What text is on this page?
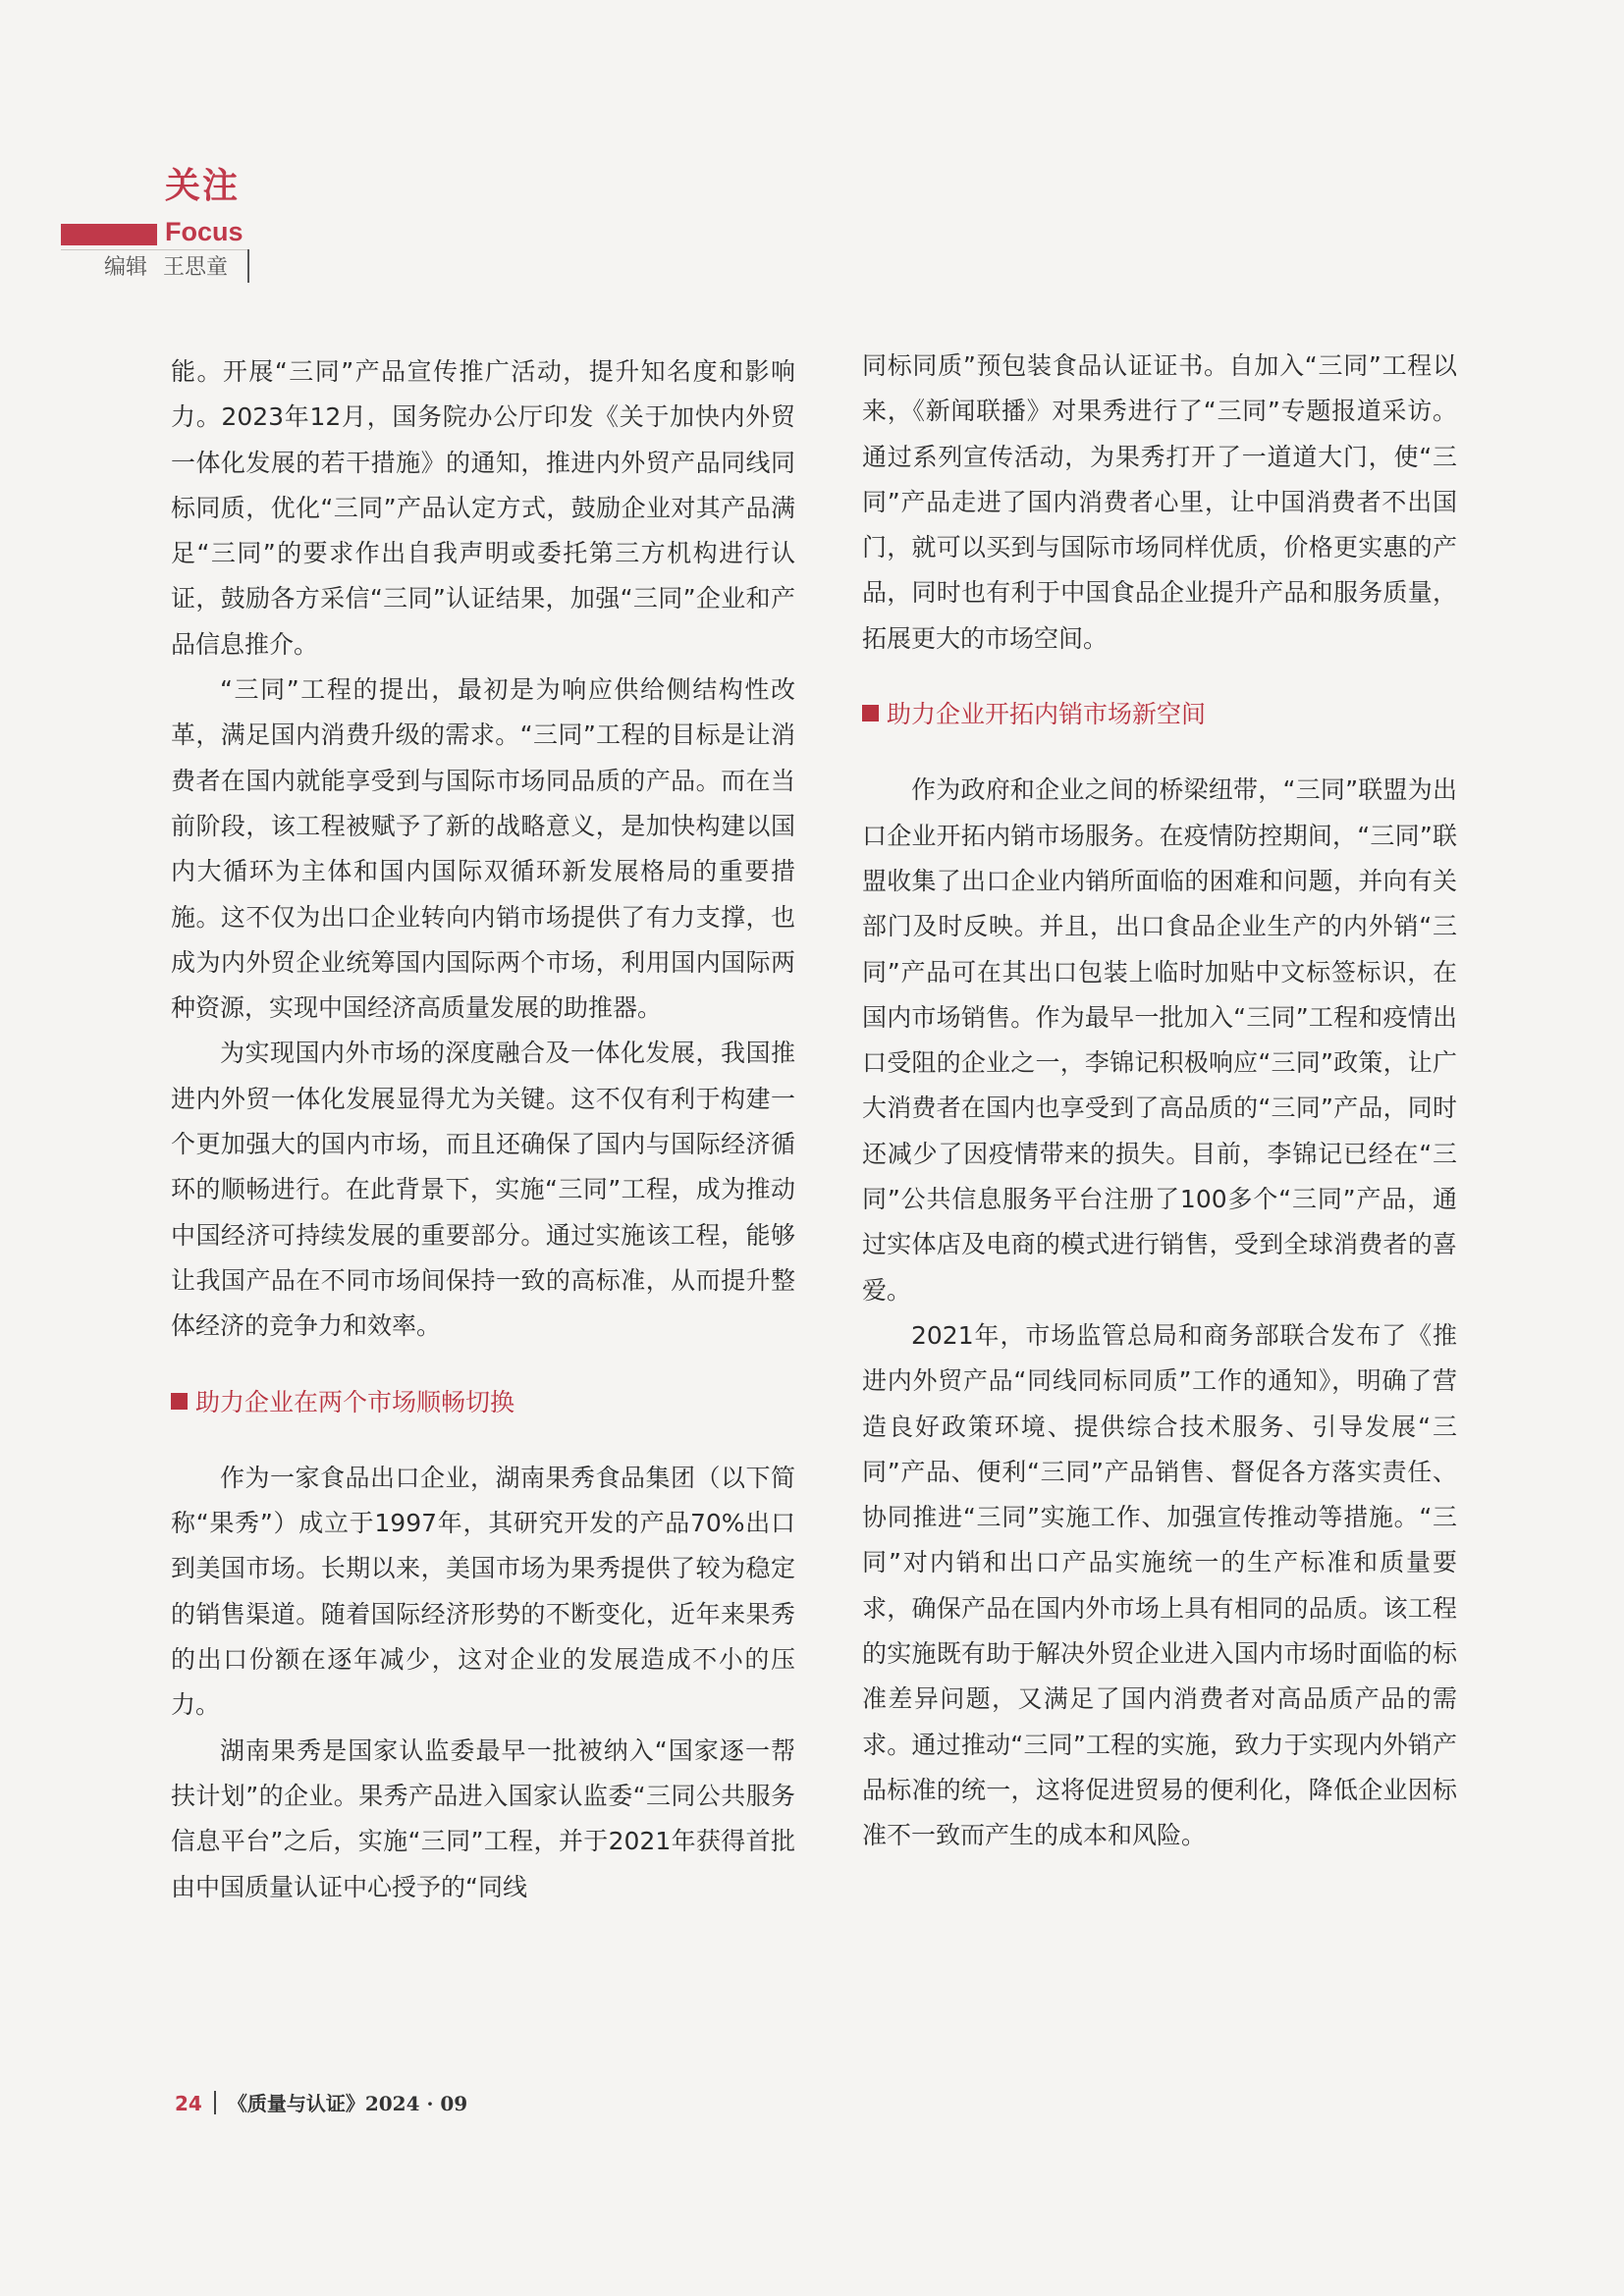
关注
Focus
编辑 王思童

能。开展“三同”产品宣传推广活动，提升知名度和影响力。2023年12月，国务院办公厅印发《关于加快内外贸一体化发展的若干措施》的通知，推进内外贸产品同线同标同质，优化“三同”产品认定方式，鼓励企业对其产品满足“三同”的要求作出自我声明或委托第三方机构进行认证，鼓励各方采信“三同”认证结果，加强“三同”企业和产品信息推介。

“三同”工程的提出，最初是为响应供给侧结构性改革，满足国内消费升级的需求。“三同”工程的目标是让消费者在国内就能享受到与国际市场同品质的产品。而在当前阶段，该工程被赋予了新的战略意义，是加快构建以国内大循环为主体和国内国际双循环新发展格局的重要措施。这不仅为出口企业转向内销市场提供了有力支撑，也成为内外贸企业统筹国内国际两个市场，利用国内国际两种资源，实现中国经济高质量发展的助推器。

为实现国内外市场的深度融合及一体化发展，我国推进内外贸一体化发展显得尤为关键。这不仅有利于构建一个更加强大的国内市场，而且还确保了国内与国际经济循环的顺畅进行。在此背景下，实施“三同”工程，成为推动中国经济可持续发展的重要部分。通过实施该工程，能够让我国产品在不同市场间保持一致的高标准，从而提升整体经济的竞争力和效率。

助力企业在两个市场顺畅切换

作为一家食品出口企业，湖南果秀食品集团（以下简称“果秀”）成立于1997年，其研究开发的产品70%出口到美国市场。长期以来，美国市场为果秀提供了较为稳定的销售渠道。随着国际经济形势的不断变化，近年来果秀的出口份额在逐年减少，这对企业的发展造成不小的压力。

湖南果秀是国家认监委最早一批被纳入“国家逐一帮扶计划”的企业。果秀产品进入国家认监委“三同公共服务信息平台”之后，实施“三同”工程，并于2021年获得首批由中国质量认证中心授予的“同线

同标同质”预包装食品认证证书。自加入“三同”工程以来，《新闻联播》对果秀进行了“三同”专题报道采访。通过系列宣传活动，为果秀打开了一道道大门，使“三同”产品走进了国内消费者心里，让中国消费者不出国门，就可以买到与国际市场同样优质，价格更实惠的产品，同时也有利于中国食品企业提升产品和服务质量，拓展更大的市场空间。

助力企业开拓内销市场新空间

作为政府和企业之间的桥梁纽带，“三同”联盟为出口企业开拓内销市场服务。在疫情防控期间，“三同”联盟收集了出口企业内销所面临的困难和问题，并向有关部门及时反映。并且，出口食品企业生产的内外销“三同”产品可在其出口包装上临时加贴中文标签标识，在国内市场销售。作为最早一批加入“三同”工程和疫情出口受阻的企业之一，李锦记积极响应“三同”政策，让广大消费者在国内也享受到了高品质的“三同”产品，同时还减少了因疫情带来的损失。目前，李锦记已经在“三同”公共信息服务平台注册了100多个“三同”产品，通过实体店及电商的模式进行销售，受到全球消费者的喜爱。

2021年，市场监管总局和商务部联合发布了《推进内外贸产品“同线同标同质”工作的通知》，明确了营造良好政策环境、提供综合技术服务、引导发展“三同”产品、便利“三同”产品销售、督促各方落实责任、协同推进“三同”实施工作、加强宣传推动等措施。“三同”对内销和出口产品实施统一的生产标准和质量要求，确保产品在国内外市场上具有相同的品质。该工程的实施既有助于解决外贸企业进入国内市场时面临的标准差异问题，又满足了国内消费者对高品质产品的需求。通过推动“三同”工程的实施，致力于实现内外销产品标准的统一，这将促进贸易的便利化，降低企业因标准不一致而产生的成本和风险。

24 《质量与认证》2024 · 09
